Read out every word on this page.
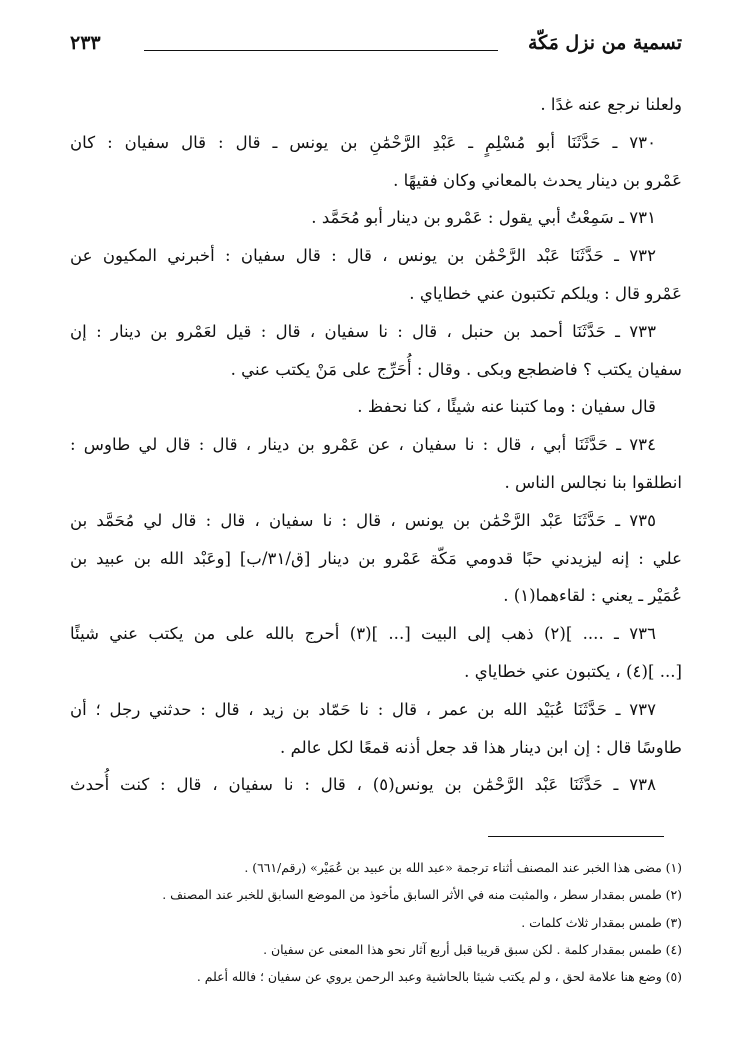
تسمية من نزل مَكّة
٢٣٣
ولعلنا نرجع عنه غدًا .
٧٣٠ ـ حَدَّثَنَا أبو مُسْلِمٍ ـ عَبْدِ الرَّحْمَٰنِ بن يونس ـ قال : قال سفيان : كان
عَمْرو بن دينار يحدث بالمعاني وكان فقيهًا .
٧٣١ ـ سَمِعْتُ أبي يقول : عَمْرو بن دينار أبو مُحَمَّد .
٧٣٢ ـ حَدَّثَنَا عَبْد الرَّحْمَٰن بن يونس ، قال : قال سفيان : أخبرني المكيون عن
عَمْرو قال : ويلكم تكتبون عني خطاياي .
٧٣٣ ـ حَدَّثَنَا أحمد بن حنبل ، قال : نا سفيان ، قال : قيل لعَمْرو بن دينار : إن
سفيان يكتب ؟ فاضطجع وبكى . وقال : أُحَرِّج على مَنْ يكتب عني .
قال سفيان : وما كتبنا عنه شيئًا ، كنا نحفظ .
٧٣٤ ـ حَدَّثَنَا أبي ، قال : نا سفيان ، عن عَمْرو بن دينار ، قال : قال لي طاوس :
انطلقوا بنا نجالس الناس .
٧٣٥ ـ حَدَّثَنَا عَبْد الرَّحْمَٰن بن يونس ، قال : نا سفيان ، قال : قال لي مُحَمَّد بن
علي : إنه ليزيدني حبًا قدومي مَكّة عَمْرو بن دينار [ق/٣١/ب] [وعَبْد الله بن عبيد بن
عُمَيْر ـ يعني : لقاءهما(١) .
٧٣٦ ـ .... ](٢) ذهب إلى البيت [... ](٣) أحرج بالله على من يكتب عني شيئًا
[... ](٤) ، يكتبون عني خطاياي .
٧٣٧ ـ حَدَّثَنَا عُبَيْد الله بن عمر ، قال : نا حَمّاد بن زيد ، قال : حدثني رجل ؛ أن
طاوسًا قال : إن ابن دينار هذا قد جعل أذنه قمعًا لكل عالم .
٧٣٨ ـ حَدَّثَنَا عَبْد الرَّحْمَٰن بن يونس(٥) ، قال : نا سفيان ، قال : كنت أُحدث
(١) مضى هذا الخبر عند المصنف أثناء ترجمة «عبد الله بن عبيد بن عُمَيْر» (رقم/٦٦١) .
(٢) طمس بمقدار سطر ، والمثبت منه في الأثر السابق مأخوذ من الموضع السابق للخبر عند المصنف .
(٣) طمس بمقدار ثلاث كلمات .
(٤) طمس بمقدار كلمة . لكن سبق قريبا قبل أربع آثار نحو هذا المعنى عن سفيان .
(٥) وضع هنا علامة لحق ، و لم يكتب شيئا بالحاشية وعبد الرحمن يروي عن سفيان ؛ فالله أعلم .
